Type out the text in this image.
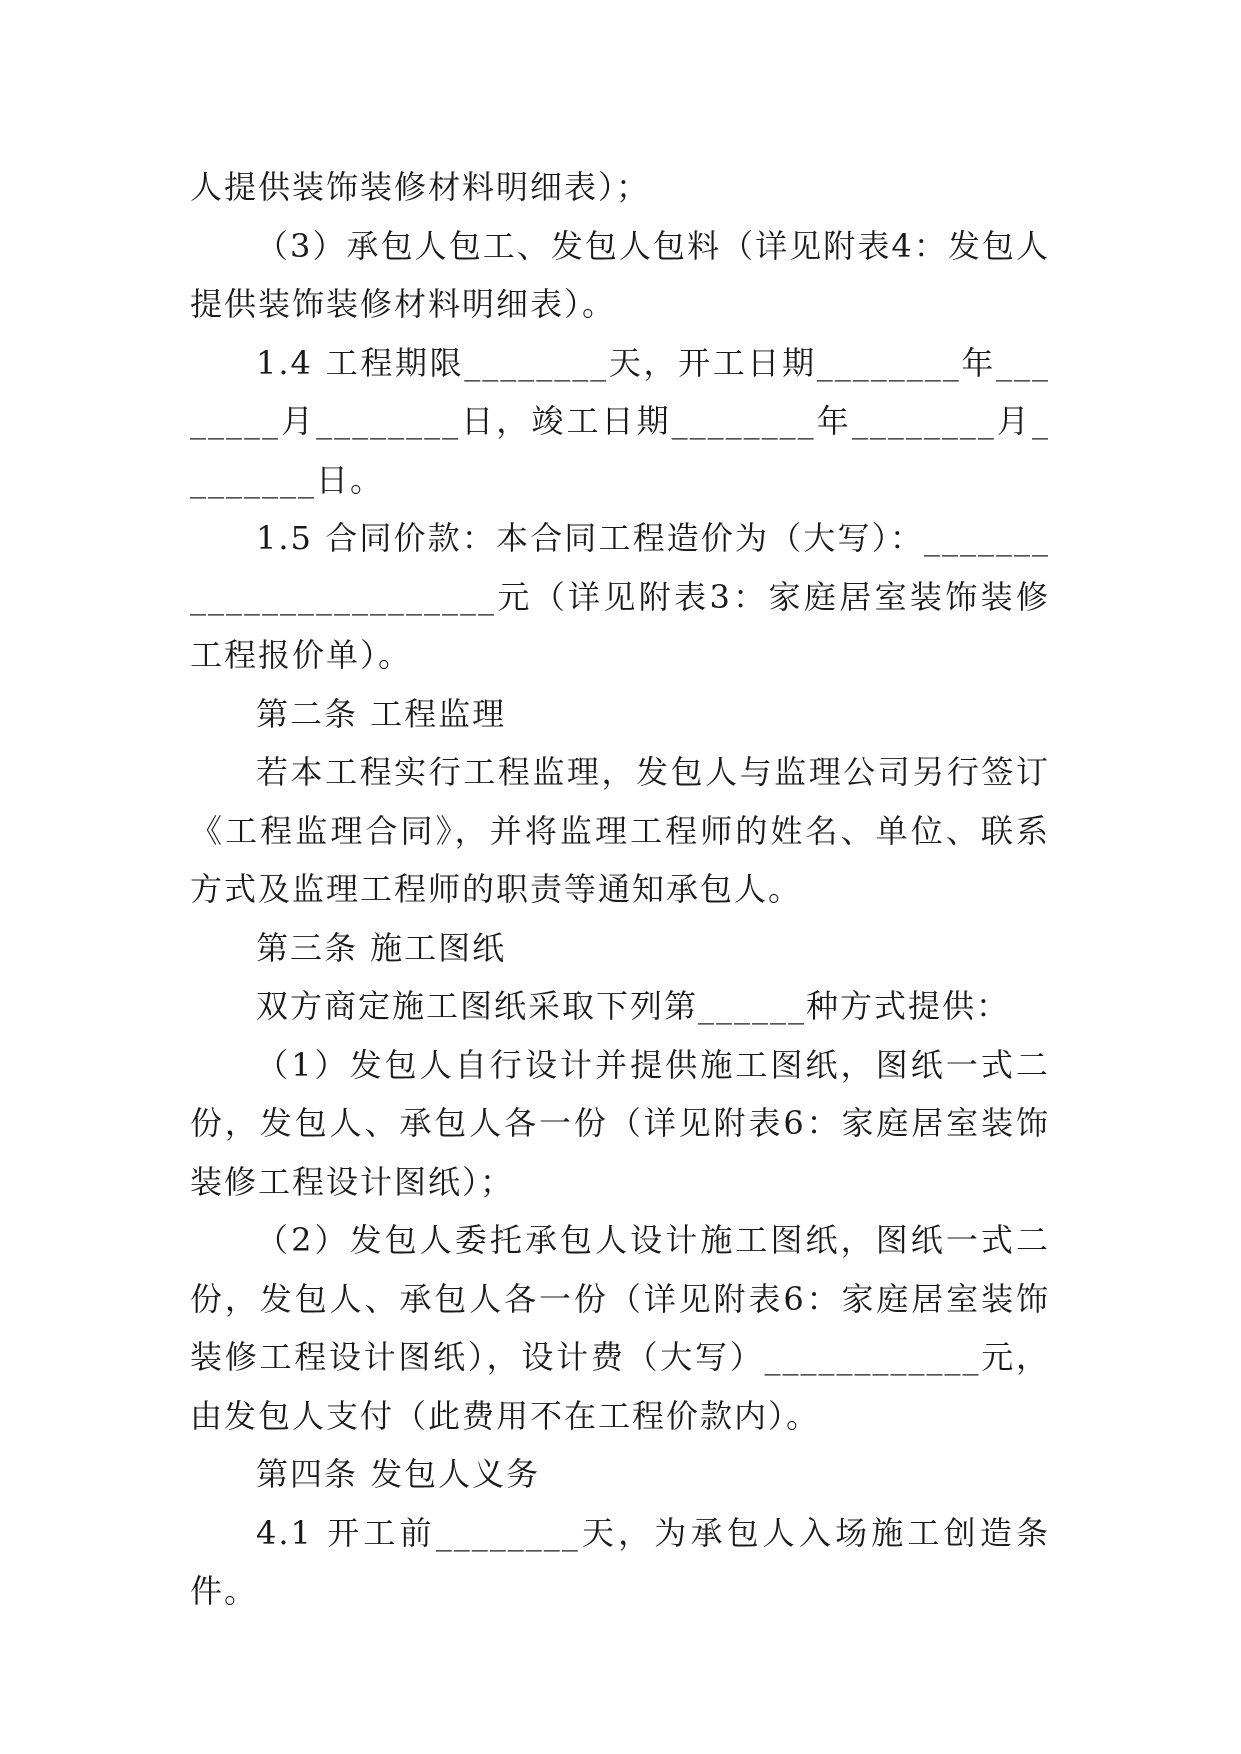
人提供装饰装修材料明细表）；

（3）承包人包工、发包人包料（详见附表4：发包人提供装饰装修材料明细表）。

1.4 工程期限________天，开工日期________年________月________日，竣工日期________年________月________日。

1.5 合同价款：本合同工程造价为（大写）：________________________元（详见附表3：家庭居室装饰装修工程报价单）。

第二条 工程监理

若本工程实行工程监理，发包人与监理公司另行签订《工程监理合同》，并将监理工程师的姓名、单位、联系方式及监理工程师的职责等通知承包人。

第三条 施工图纸

双方商定施工图纸采取下列第______种方式提供：

（1）发包人自行设计并提供施工图纸，图纸一式二份，发包人、承包人各一份（详见附表6：家庭居室装饰装修工程设计图纸）；

（2）发包人委托承包人设计施工图纸，图纸一式二份，发包人、承包人各一份（详见附表6：家庭居室装饰装修工程设计图纸），设计费（大写）____________元，由发包人支付（此费用不在工程价款内）。

第四条 发包人义务

4.1 开工前________天，为承包人入场施工创造条件。
